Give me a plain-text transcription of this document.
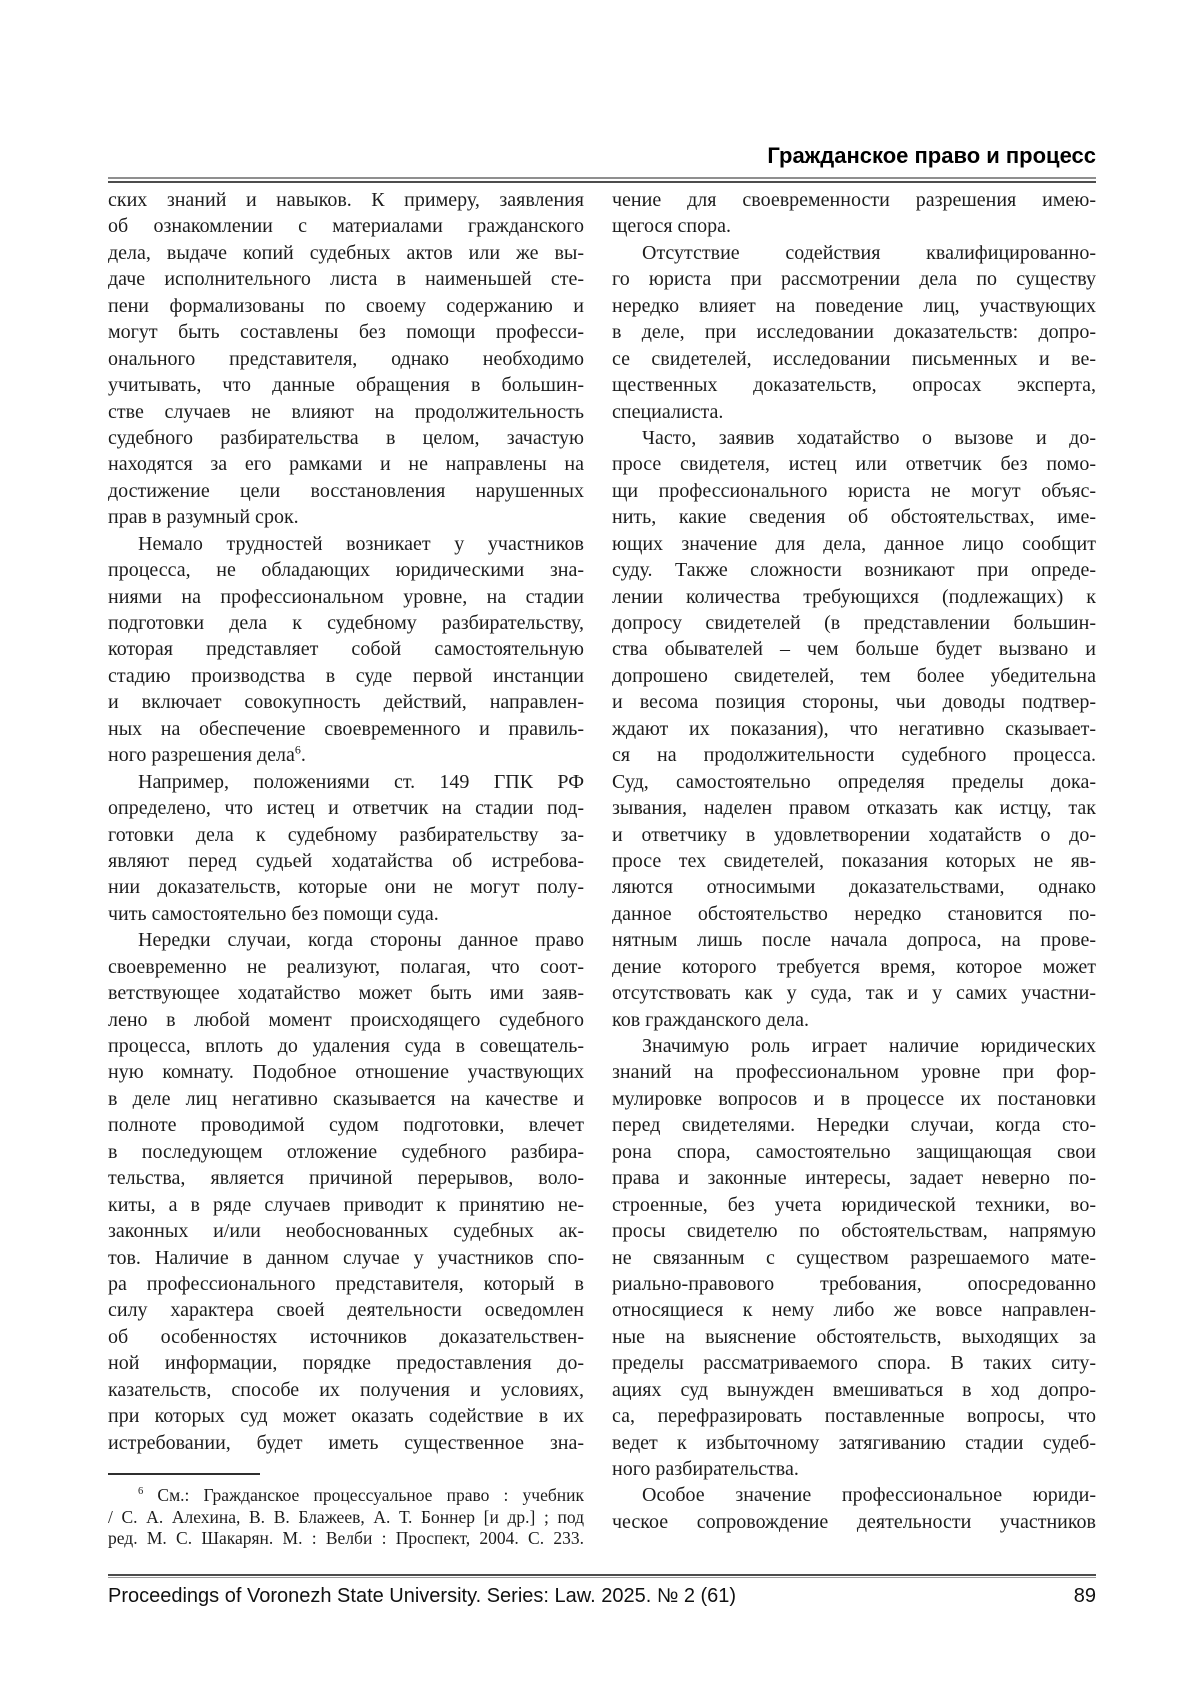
Гражданское право и процесс
ских знаний и навыков. К примеру, заявления
об ознакомлении с материалами гражданского
дела, выдаче копий судебных актов или же вы-
даче исполнительного листа в наименьшей сте-
пени формализованы по своему содержанию и
могут быть составлены без помощи професси-
онального представителя, однако необходимо
учитывать, что данные обращения в большин-
стве случаев не влияют на продолжительность
судебного разбирательства в целом, зачастую
находятся за его рамками и не направлены на
достижение цели восстановления нарушенных
прав в разумный срок.
Немало трудностей возникает у участников
процесса, не обладающих юридическими зна-
ниями на профессиональном уровне, на стадии
подготовки дела к судебному разбирательству,
которая представляет собой самостоятельную
стадию производства в суде первой инстанции
и включает совокупность действий, направлен-
ных на обеспечение своевременного и правиль-
ного разрешения дела$^6$.
Например, положениями ст. 149 ГПК РФ
определено, что истец и ответчик на стадии под-
готовки дела к судебному разбирательству за-
являют перед судьей ходатайства об истребова-
нии доказательств, которые они не могут полу-
чить самостоятельно без помощи суда.
Нередки случаи, когда стороны данное право
своевременно не реализуют, полагая, что соот-
ветствующее ходатайство может быть ими заяв-
лено в любой момент происходящего судебного
процесса, вплоть до удаления суда в совещатель-
ную комнату. Подобное отношение участвующих
в деле лиц негативно сказывается на качестве и
полноте проводимой судом подготовки, влечет
в последующем отложение судебного разбира-
тельства, является причиной перерывов, воло-
киты, а в ряде случаев приводит к принятию не-
законных и/или необоснованных судебных ак-
тов. Наличие в данном случае у участников спо-
ра профессионального представителя, который в
силу характера своей деятельности осведомлен
об особенностях источников доказательствен-
ной информации, порядке предоставления до-
казательств, способе их получения и условиях,
при которых суд может оказать содействие в их
истребовании, будет иметь существенное зна-
$^6$ См.: Гражданское процессуальное право : учебник
/ С. А. Алехина, В. В. Блажеев, А. Т. Боннер [и др.] ; под
ред. М. С. Шакарян. М. : Велби : Проспект, 2004. С. 233.
чение для своевременности разрешения имею-
щегося спора.
Отсутствие содействия квалифицированно-
го юриста при рассмотрении дела по существу
нередко влияет на поведение лиц, участвующих
в деле, при исследовании доказательств: допро-
се свидетелей, исследовании письменных и ве-
щественных доказательств, опросах эксперта,
специалиста.
Часто, заявив ходатайство о вызове и до-
просе свидетеля, истец или ответчик без помо-
щи профессионального юриста не могут объяс-
нить, какие сведения об обстоятельствах, име-
ющих значение для дела, данное лицо сообщит
суду. Также сложности возникают при опреде-
лении количества требующихся (подлежащих) к
допросу свидетелей (в представлении большин-
ства обывателей – чем больше будет вызвано и
допрошено свидетелей, тем более убедительна
и весома позиция стороны, чьи доводы подтвер-
ждают их показания), что негативно сказывает-
ся на продолжительности судебного процесса.
Суд, самостоятельно определяя пределы дока-
зывания, наделен правом отказать как истцу, так
и ответчику в удовлетворении ходатайств о до-
просе тех свидетелей, показания которых не яв-
ляются относимыми доказательствами, однако
данное обстоятельство нередко становится по-
нятным лишь после начала допроса, на прове-
дение которого требуется время, которое может
отсутствовать как у суда, так и у самих участни-
ков гражданского дела.
Значимую роль играет наличие юридических
знаний на профессиональном уровне при фор-
мулировке вопросов и в процессе их постановки
перед свидетелями. Нередки случаи, когда сто-
рона спора, самостоятельно защищающая свои
права и законные интересы, задает неверно по-
строенные, без учета юридической техники, во-
просы свидетелю по обстоятельствам, напрямую
не связанным с существом разрешаемого мате-
риально-правового требования, опосредованно
относящиеся к нему либо же вовсе направлен-
ные на выяснение обстоятельств, выходящих за
пределы рассматриваемого спора. В таких ситу-
ациях суд вынужден вмешиваться в ход допро-
са, перефразировать поставленные вопросы, что
ведет к избыточному затягиванию стадии судеб-
ного разбирательства.
Особое значение профессиональное юриди-
ческое сопровождение деятельности участников
Proceedings of Voronezh State University. Series: Law. 2025. № 2 (61)	89
